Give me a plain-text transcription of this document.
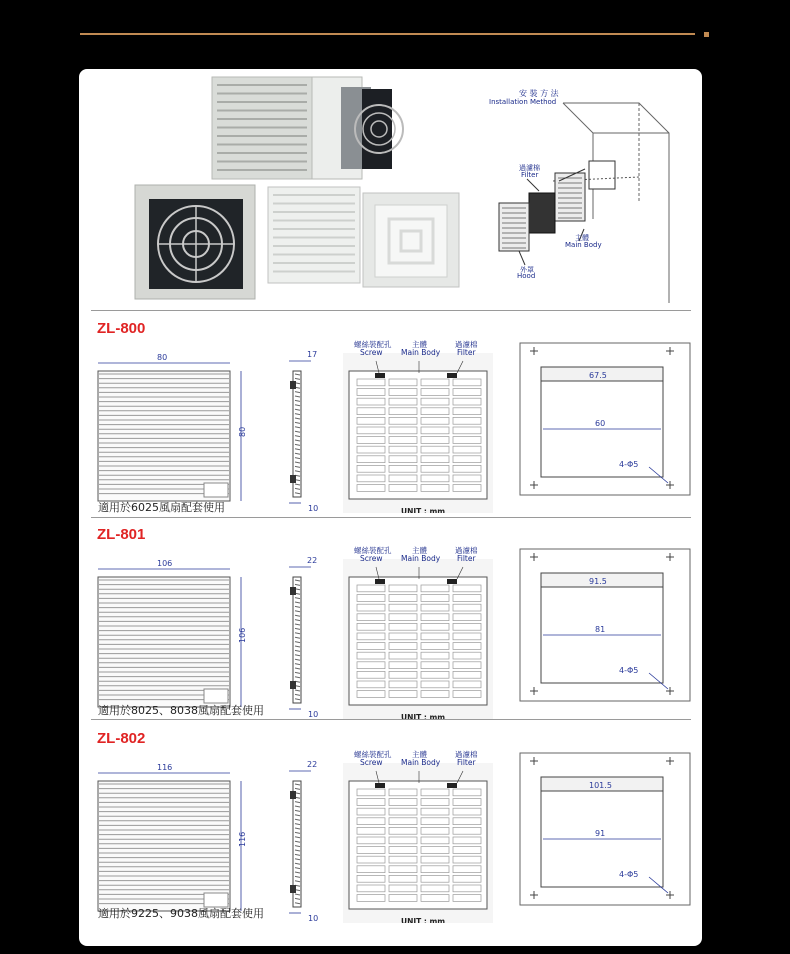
安 裝 方 法
Installation Method
過濾棉
Filter
主體
Main Body
外罩
Hood
ZL-800
80
80
17
10
螺絲裝配孔
Screw
主體
Main Body
過濾棉
Filter
UNIT : mm
67.5
60
4-Φ5
適用於6025風扇配套使用
ZL-801
106
106
22
10
螺絲裝配孔
Screw
主體
Main Body
過濾棉
Filter
UNIT : mm
91.5
81
4-Φ5
適用於8025、8038風扇配套使用
ZL-802
116
116
22
10
螺絲裝配孔
Screw
主體
Main Body
過濾棉
Filter
UNIT : mm
101.5
91
4-Φ5
適用於9225、9038風扇配套使用
